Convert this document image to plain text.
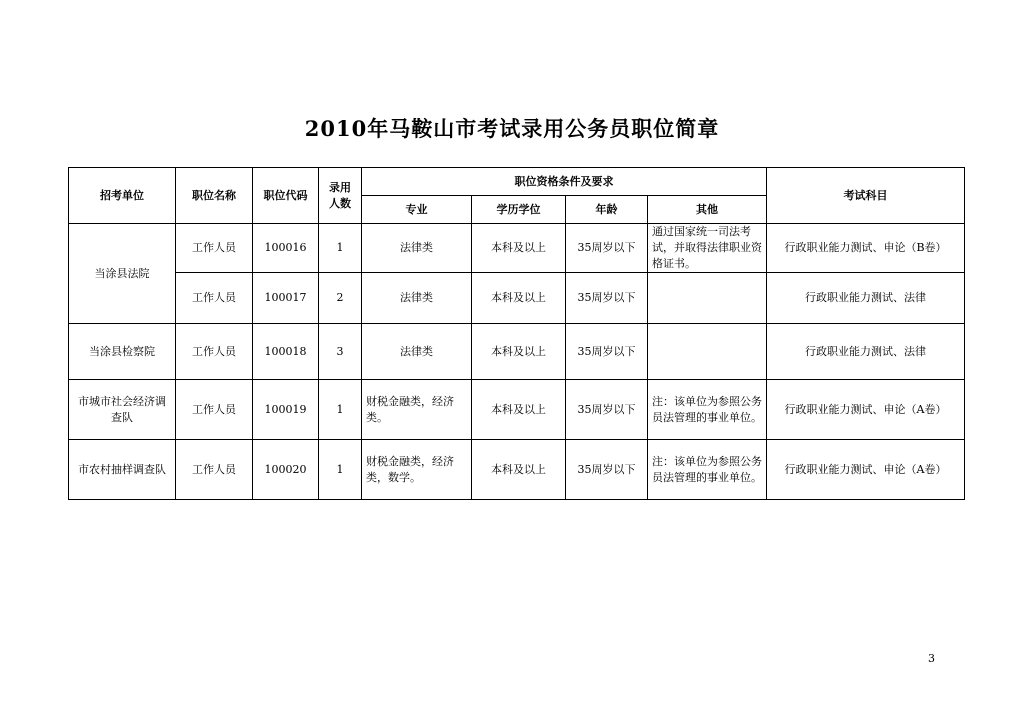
2010年马鞍山市考试录用公务员职位简章
招考单位	职位名称	职位代码	录用人数	职位资格条件及要求				考试科目
				专业	学历学位	年龄	其他	
当涂县法院	工作人员	100016	1	法律类	本科及以上	35周岁以下	通过国家统一司法考试，并取得法律职业资格证书。	行政职业能力测试、申论（B卷）
	工作人员	100017	2	法律类	本科及以上	35周岁以下		行政职业能力测试、法律
当涂县检察院	工作人员	100018	3	法律类	本科及以上	35周岁以下		行政职业能力测试、法律
市城市社会经济调查队	工作人员	100019	1	财税金融类，经济类。	本科及以上	35周岁以下	注：该单位为参照公务员法管理的事业单位。	行政职业能力测试、申论（A卷）
市农村抽样调查队	工作人员	100020	1	财税金融类，经济类，数学。	本科及以上	35周岁以下	注：该单位为参照公务员法管理的事业单位。	行政职业能力测试、申论（A卷）
3
